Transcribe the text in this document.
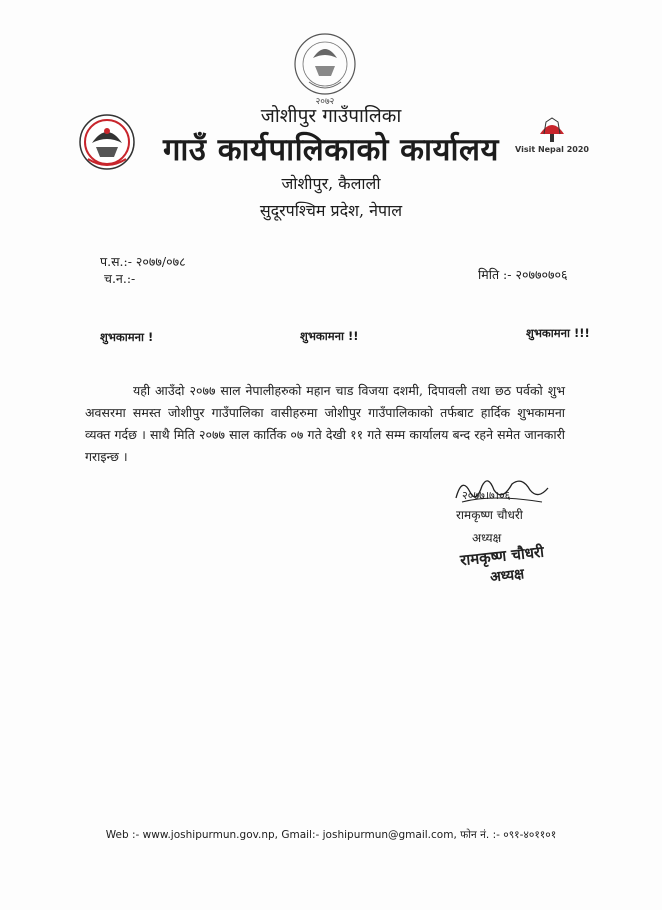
२०७२
Visit Nepal 2020
जोशीपुर गाउँपालिका
गाउँ कार्यपालिकाको कार्यालय
जोशीपुर, कैलाली
सुदूरपश्चिम प्रदेश, नेपाल
प.स.:- २०७७/०७८
च.न.:-	मिति :- २०७७०७०६
शुभकामना !	शुभकामना !!	शुभकामना !!!
यही आउँदो २०७७ साल नेपालीहरुको महान चाड विजया दशमी, दिपावली तथा छठ पर्वको शुभ अवसरमा समस्त जोशीपुर गाउँपालिका वासीहरुमा जोशीपुर गाउँपालिकाको तर्फबाट हार्दिक शुभकामना व्यक्त गर्दछ । साथै मिति २०७७ साल कार्तिक ०७ गते देखी ११ गते सम्म कार्यालय बन्द रहने समेत जानकारी गराइन्छ ।
२०७७।७।०६
रामकृष्ण चौधरी
अध्यक्ष
रामकृष्ण चौधरी
अध्यक्ष
Web :- www.joshipurmun.gov.np, Gmail:- joshipurmun@gmail.com, फोन नं. :- ०९१-४०११०१
